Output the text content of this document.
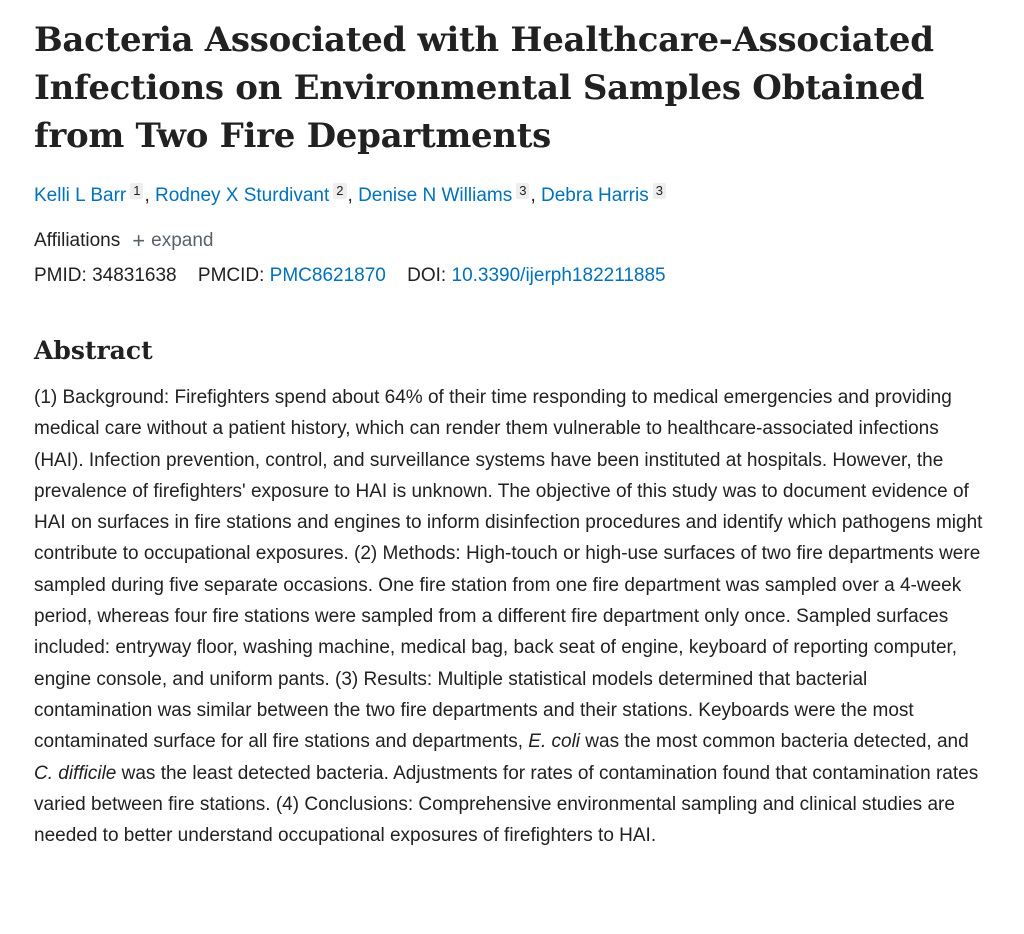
Bacteria Associated with Healthcare-Associated Infections on Environmental Samples Obtained from Two Fire Departments
Kelli L Barr 1 , Rodney X Sturdivant 2 , Denise N Williams 3 , Debra Harris 3
Affiliations + expand
PMID: 34831638 PMCID: PMC8621870 DOI: 10.3390/ijerph182211885
Abstract
(1) Background: Firefighters spend about 64% of their time responding to medical emergencies and providing medical care without a patient history, which can render them vulnerable to healthcare-associated infections (HAI). Infection prevention, control, and surveillance systems have been instituted at hospitals. However, the prevalence of firefighters' exposure to HAI is unknown. The objective of this study was to document evidence of HAI on surfaces in fire stations and engines to inform disinfection procedures and identify which pathogens might contribute to occupational exposures. (2) Methods: High-touch or high-use surfaces of two fire departments were sampled during five separate occasions. One fire station from one fire department was sampled over a 4-week period, whereas four fire stations were sampled from a different fire department only once. Sampled surfaces included: entryway floor, washing machine, medical bag, back seat of engine, keyboard of reporting computer, engine console, and uniform pants. (3) Results: Multiple statistical models determined that bacterial contamination was similar between the two fire departments and their stations. Keyboards were the most contaminated surface for all fire stations and departments, E. coli was the most common bacteria detected, and C. difficile was the least detected bacteria. Adjustments for rates of contamination found that contamination rates varied between fire stations. (4) Conclusions: Comprehensive environmental sampling and clinical studies are needed to better understand occupational exposures of firefighters to HAI.
